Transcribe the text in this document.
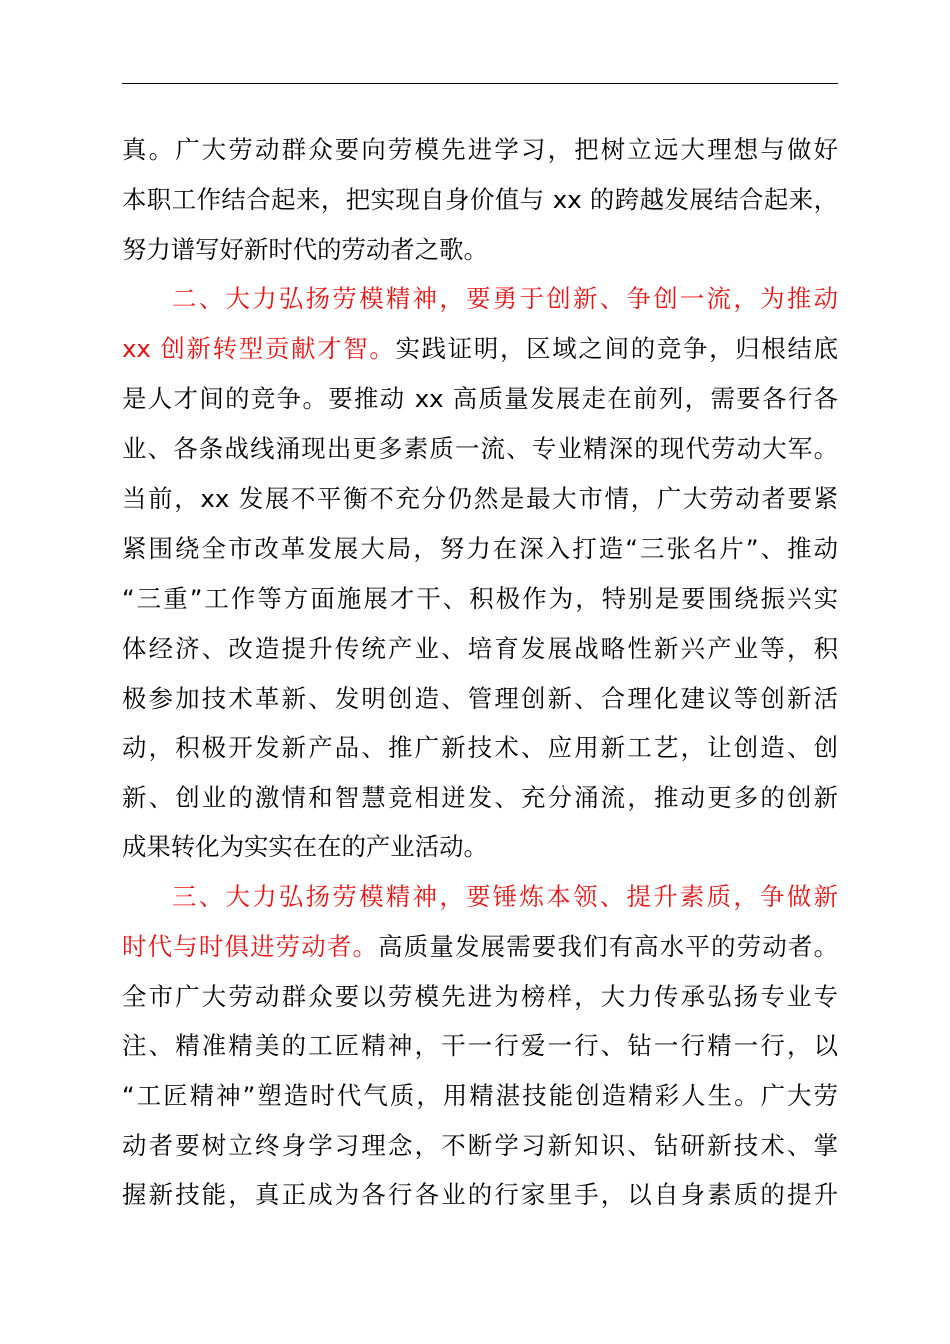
真。广大劳动群众要向劳模先进学习，把树立远大理想与做好
本职工作结合起来，把实现自身价值与 xx 的跨越发展结合起来，
努力谱写好新时代的劳动者之歌。
二、大力弘扬劳模精神，要勇于创新、争创一流，为推动
xx 创新转型贡献才智。实践证明，区域之间的竞争，归根结底
是人才间的竞争。要推动 xx 高质量发展走在前列，需要各行各
业、各条战线涌现出更多素质一流、专业精深的现代劳动大军。
当前，xx 发展不平衡不充分仍然是最大市情，广大劳动者要紧
紧围绕全市改革发展大局，努力在深入打造“三张名片”、推动
“三重”工作等方面施展才干、积极作为，特别是要围绕振兴实
体经济、改造提升传统产业、培育发展战略性新兴产业等，积
极参加技术革新、发明创造、管理创新、合理化建议等创新活
动，积极开发新产品、推广新技术、应用新工艺，让创造、创
新、创业的激情和智慧竞相迸发、充分涌流，推动更多的创新
成果转化为实实在在的产业活动。
三、大力弘扬劳模精神，要锤炼本领、提升素质，争做新
时代与时俱进劳动者。高质量发展需要我们有高水平的劳动者。
全市广大劳动群众要以劳模先进为榜样，大力传承弘扬专业专
注、精准精美的工匠精神，干一行爱一行、钻一行精一行，以
“工匠精神”塑造时代气质，用精湛技能创造精彩人生。广大劳
动者要树立终身学习理念，不断学习新知识、钻研新技术、掌
握新技能，真正成为各行各业的行家里手，以自身素质的提升
